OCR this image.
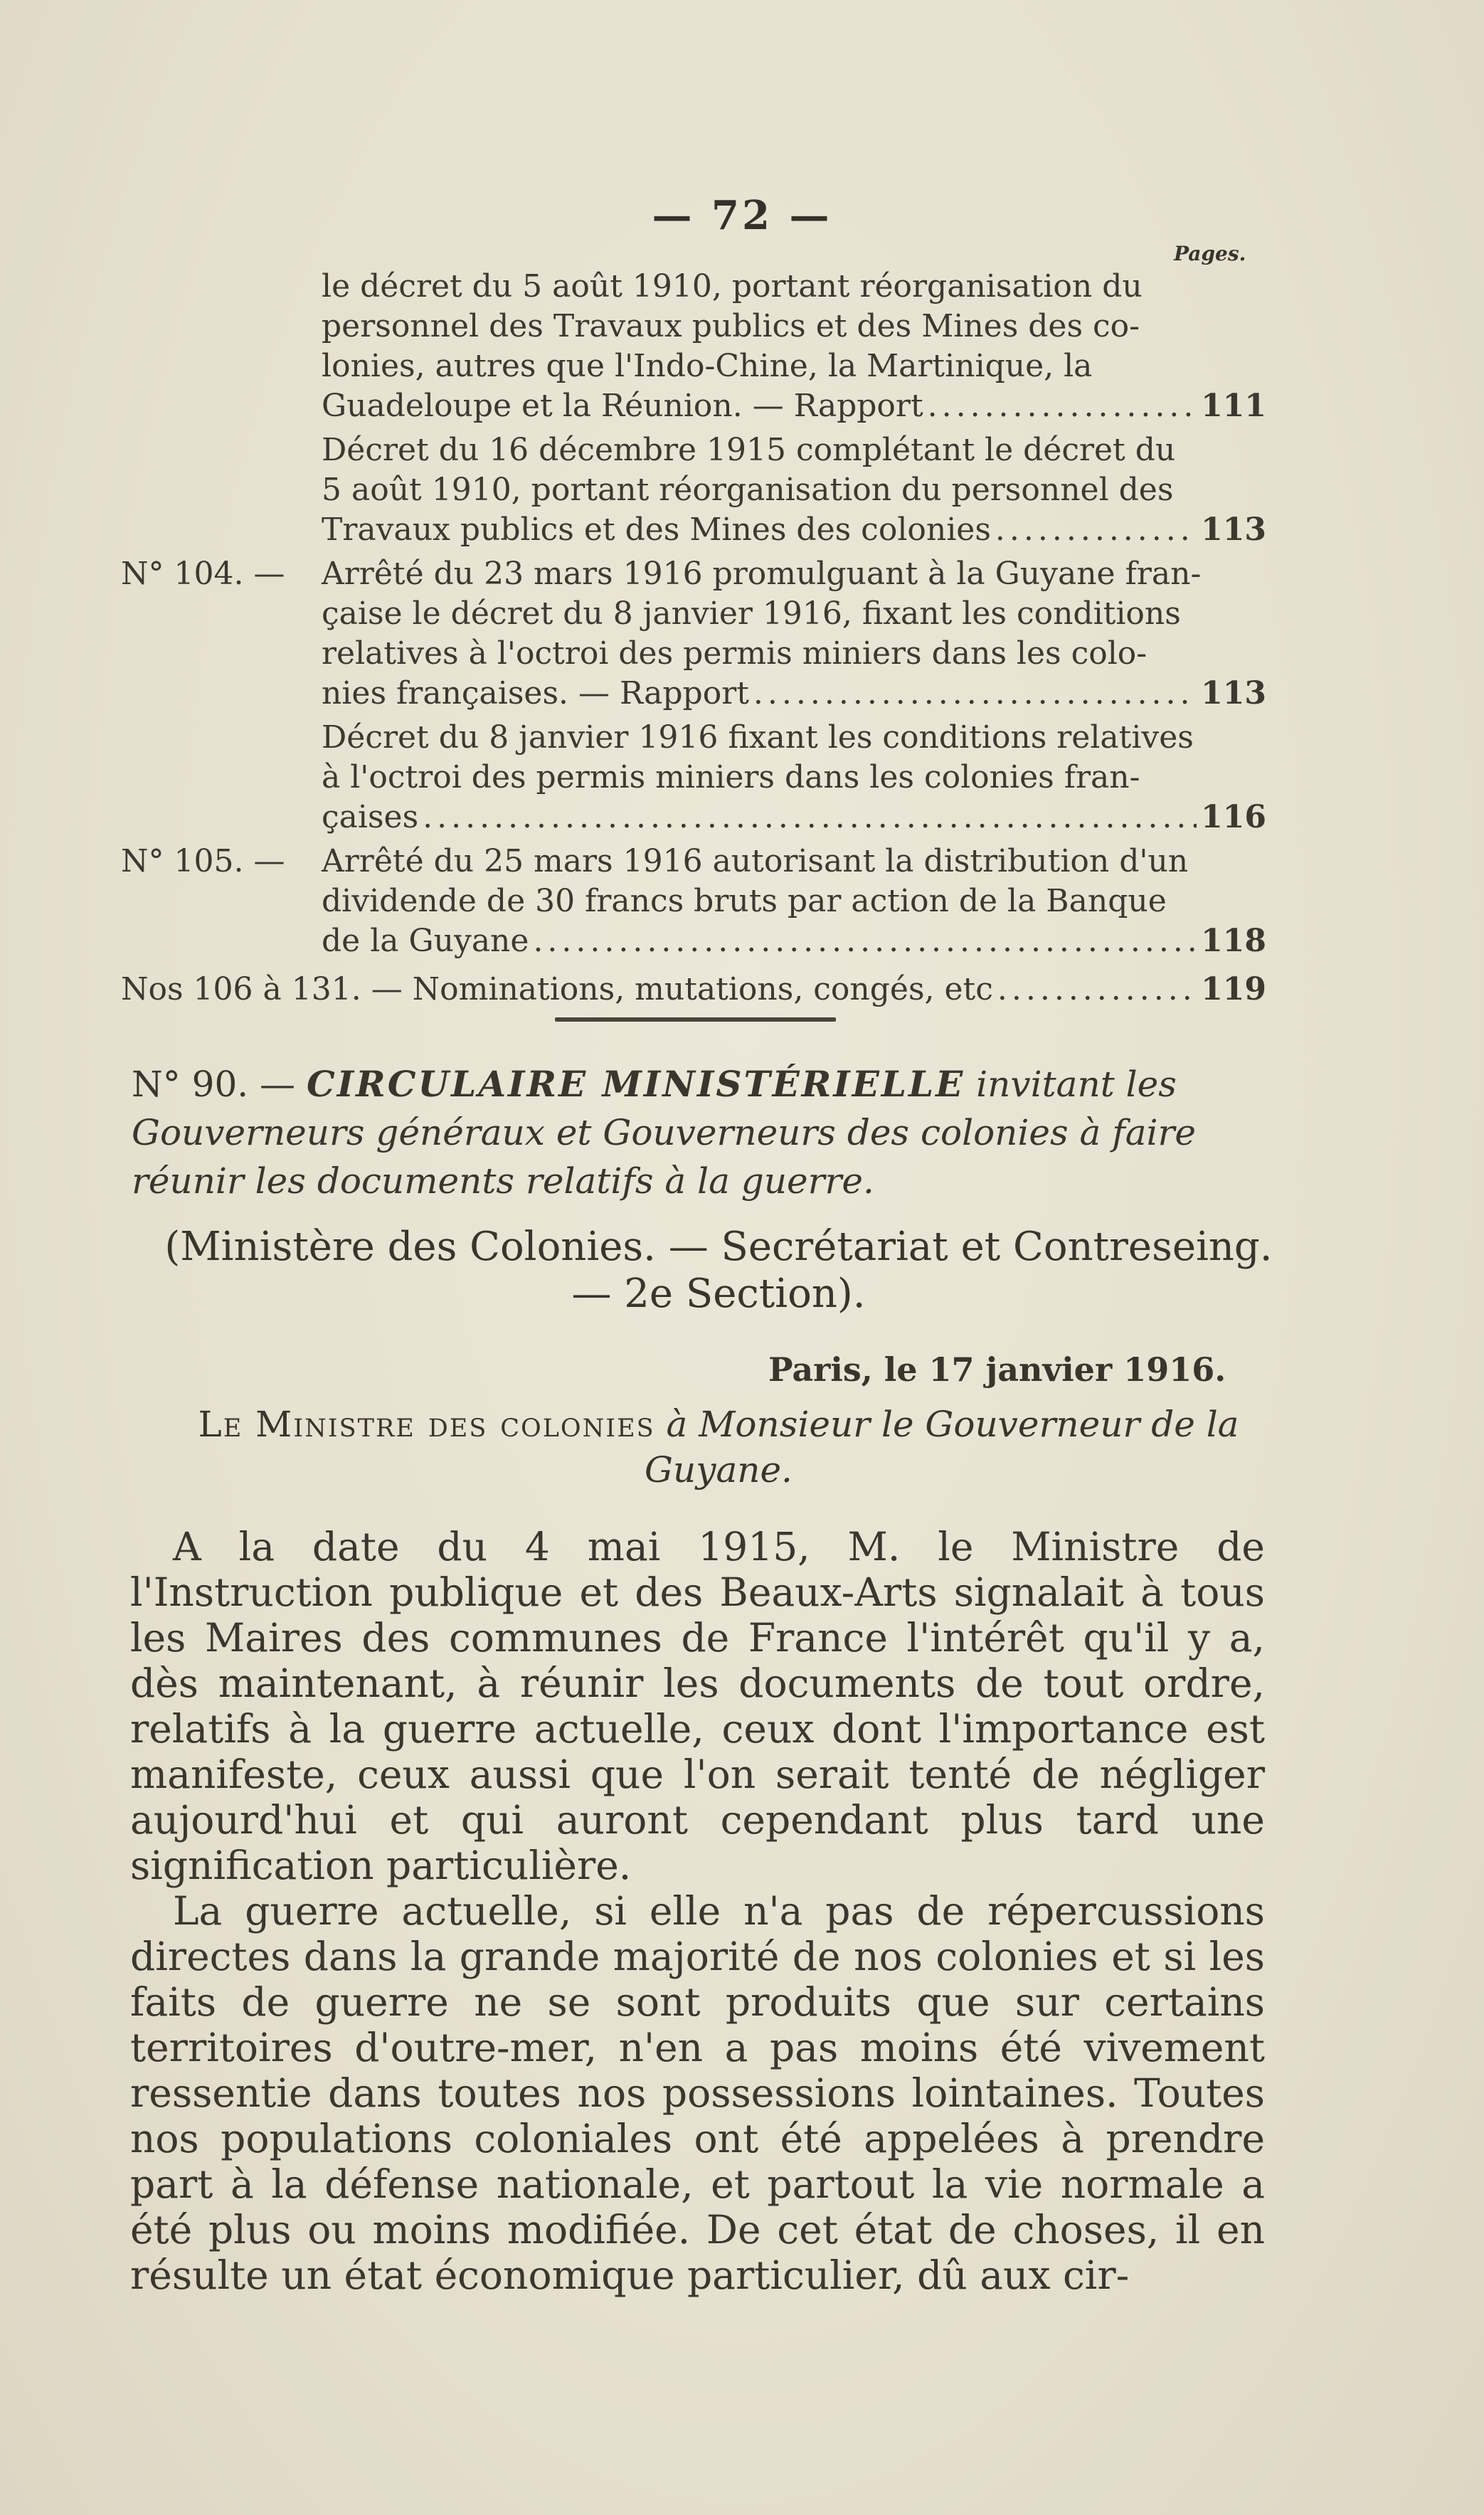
— 72 —
Pages.
le décret du 5 août 1910, portant réorganisation du
personnel des Travaux publics et des Mines des co-
lonies, autres que l'Indo-Chine, la Martinique, la
Guadeloupe et la Réunion. — Rapport .....	111
Décret du 16 décembre 1915 complétant le décret du
5 août 1910, portant réorganisation du personnel des
Travaux publics et des Mines des colonies .....	113
N° 104. — Arrêté du 23 mars 1916 promulguant à la Guyane fran-
çaise le décret du 8 janvier 1916, fixant les conditions
relatives à l'octroi des permis miniers dans les colo-
nies françaises. — Rapport .....	113
Décret du 8 janvier 1916 fixant les conditions relatives
à l'octroi des permis miniers dans les colonies fran-
çaises .....	116
N° 105. — Arrêté du 25 mars 1916 autorisant la distribution d'un
dividende de 30 francs bruts par action de la Banque
de la Guyane .....	118
Nos 106 à 131. — Nominations, mutations, congés, etc .....	119
N° 90. — CIRCULAIRE MINISTÉRIELLE invitant les Gouverneurs généraux et Gouverneurs des colonies à faire réunir les documents relatifs à la guerre.
(Ministère des Colonies. — Secrétariat et Contreseing. — 2e Section).
Paris, le 17 janvier 1916.
Le Ministre des colonies à Monsieur le Gouverneur de la Guyane.

A la date du 4 mai 1915, M. le Ministre de l'Instruction publique et des Beaux-Arts signalait à tous les Maires des communes de France l'intérêt qu'il y a, dès maintenant, à réunir les documents de tout ordre, relatifs à la guerre actuelle, ceux dont l'importance est manifeste, ceux aussi que l'on serait tenté de négliger aujourd'hui et qui auront cependant plus tard une signification particulière.

La guerre actuelle, si elle n'a pas de répercussions directes dans la grande majorité de nos colonies et si les faits de guerre ne se sont produits que sur certains territoires d'outre-mer, n'en a pas moins été vivement ressentie dans toutes nos possessions lointaines. Toutes nos populations coloniales ont été appelées à prendre part à la défense nationale, et partout la vie normale a été plus ou moins modifiée. De cet état de choses, il en résulte un état économique particulier, dû aux cir-
